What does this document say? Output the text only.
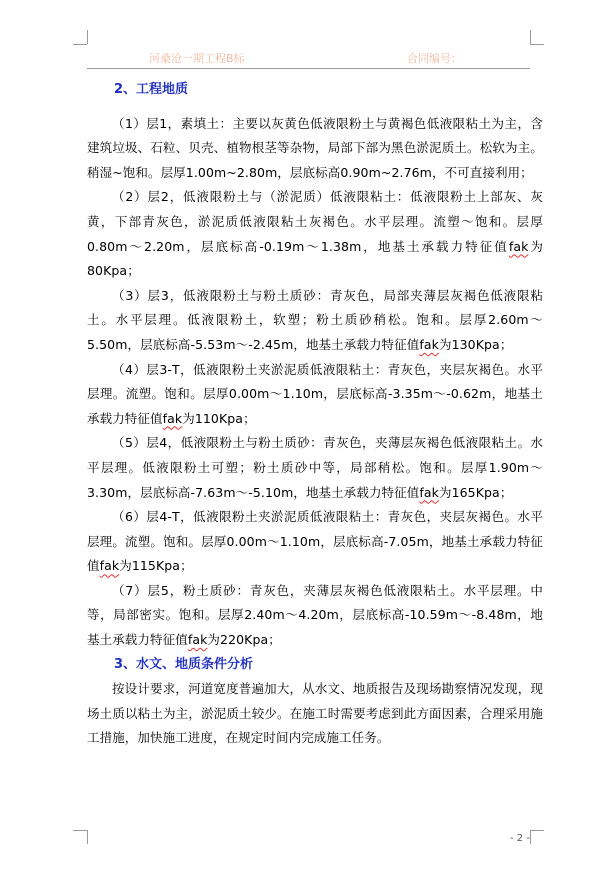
河桑沧一期工程B标	合同编号：
2、工程地质

（1）层1，素填土：主要以灰黄色低液限粉土与黄褐色低液限粘土为主，含建筑垃圾、石粒、贝壳、植物根茎等杂物，局部下部为黑色淤泥质土。松软为主。稍湿~饱和。层厚1.00m~2.80m，层底标高0.90m~2.76m，不可直接利用；

（2）层2，低液限粉土与（淤泥质）低液限粘土：低液限粉土上部灰、灰黄，下部青灰色，淤泥质低液限粘土灰褐色。水平层理。流塑～饱和。层厚0.80m～2.20m，层底标高-0.19m～1.38m，地基土承载力特征值fak为80Kpa；

（3）层3，低液限粉土与粉土质砂：青灰色，局部夹薄层灰褐色低液限粘土。水平层理。低液限粉土，软塑；粉土质砂稍松。饱和。层厚2.60m～5.50m，层底标高-5.53m～-2.45m，地基土承载力特征值fak为130Kpa；

（4）层3-T，低液限粉土夹淤泥质低液限粘土：青灰色，夹层灰褐色。水平层理。流塑。饱和。层厚0.00m～1.10m，层底标高-3.35m～-0.62m，地基土承载力特征值fak为110Kpa；

（5）层4，低液限粉土与粉土质砂：青灰色，夹薄层灰褐色低液限粘土。水平层理。低液限粉土可塑；粉土质砂中等，局部稍松。饱和。层厚1.90m～3.30m，层底标高-7.63m～-5.10m，地基土承载力特征值fak为165Kpa；

（6）层4-T，低液限粉土夹淤泥质低液限粘土：青灰色，夹层灰褐色。水平层理。流塑。饱和。层厚0.00m～1.10m，层底标高-7.05m，地基土承载力特征值fak为115Kpa；

（7）层5，粉土质砂：青灰色，夹薄层灰褐色低液限粘土。水平层理。中等，局部密实。饱和。层厚2.40m～4.20m，层底标高-10.59m～-8.48m，地基土承载力特征值fak为220Kpa；

3、水文、地质条件分析

按设计要求，河道宽度普遍加大，从水文、地质报告及现场勘察情况发现，现场土质以粘土为主，淤泥质土较少。在施工时需要考虑到此方面因素，合理采用施工措施，加快施工进度，在规定时间内完成施工任务。

- 2 -
